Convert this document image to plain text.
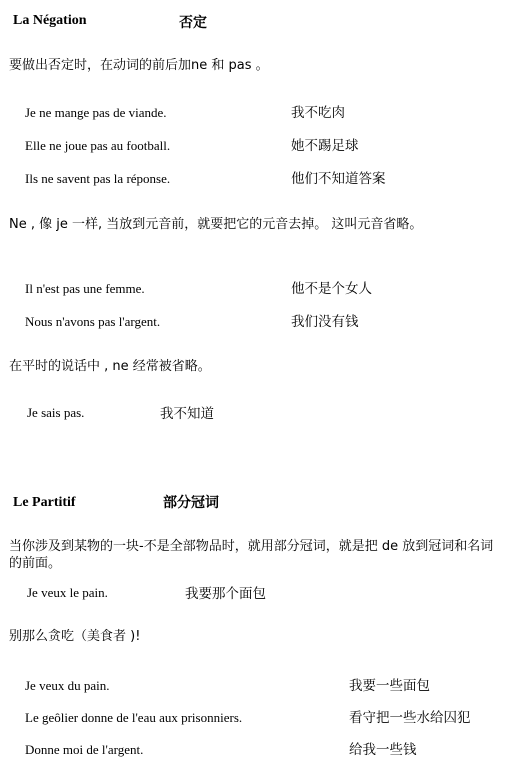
La Négation	否定
要做出否定时，在动词的前后加ne 和 pas 。
Je ne mange pas de viande.	我不吃肉
Elle ne joue pas au football.	她不踢足球
Ils ne savent pas la réponse.	他们不知道答案
Ne , 像 je 一样, 当放到元音前，就要把它的元音去掉。 这叫元音省略。
Il n'est pas une femme.	他不是个女人
Nous n'avons pas l'argent.	我们没有钱
在平时的说话中 , ne 经常被省略。
Je sais pas.	我不知道
Le Partitif	部分冠词
当你涉及到某物的一块-不是全部物品时，就用部分冠词，就是把 de 放到冠词和名词的前面。
Je veux le pain.	我要那个面包
别那么贪吃（美食者 )!
Je veux du pain.	我要一些面包
Le geôlier donne de l'eau aux prisonniers.	看守把一些水给囚犯
Donne moi de l'argent.	给我一些钱
